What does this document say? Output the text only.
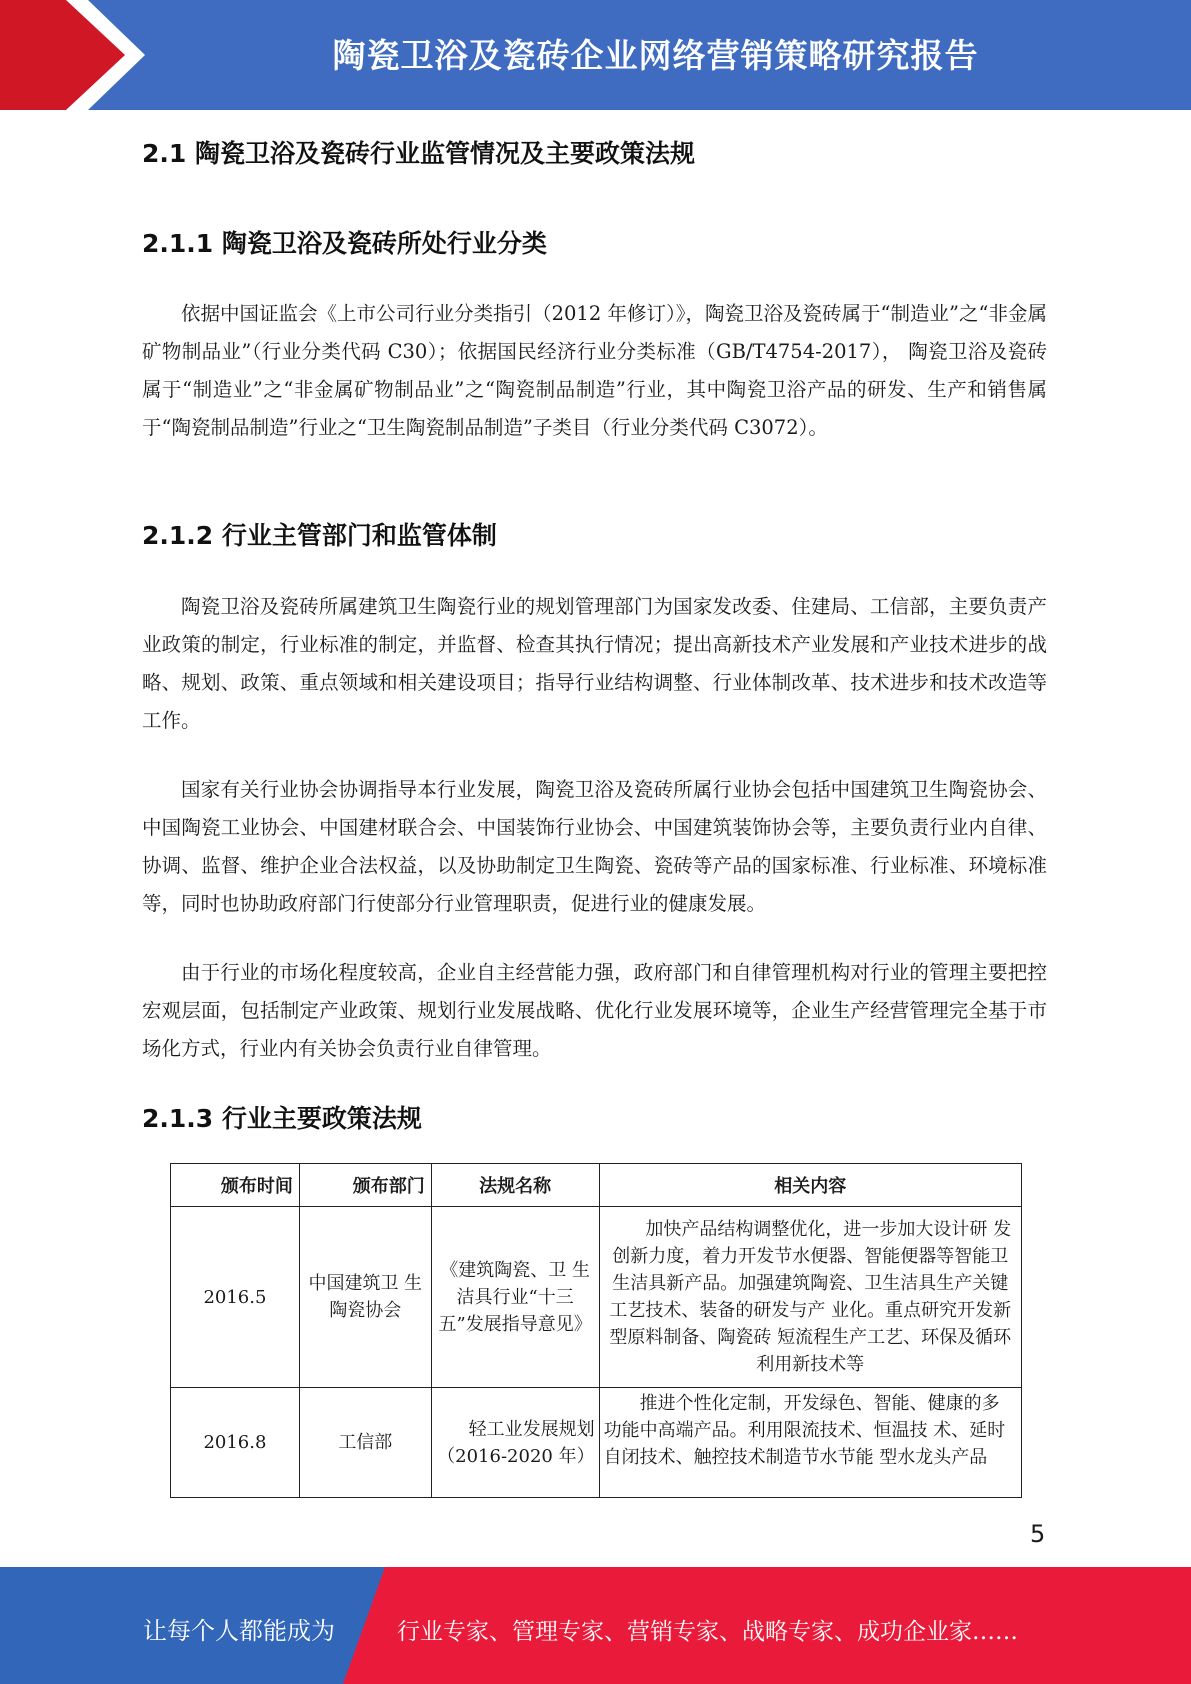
陶瓷卫浴及瓷砖企业网络营销策略研究报告
2.1 陶瓷卫浴及瓷砖行业监管情况及主要政策法规
2.1.1 陶瓷卫浴及瓷砖所处行业分类

依据中国证监会《上市公司行业分类指引（2012 年修订）》，陶瓷卫浴及瓷砖属于“制造业”之“非金属矿物制品业”（行业分类代码 C30）；依据国民经济行业分类标准（GB/T4754-2017）， 陶瓷卫浴及瓷砖属于“制造业”之“非金属矿物制品业”之“陶瓷制品制造”行业，其中陶瓷卫浴产品的研发、生产和销售属于“陶瓷制品制造”行业之“卫生陶瓷制品制造”子类目（行业分类代码 C3072）。

2.1.2 行业主管部门和监管体制

陶瓷卫浴及瓷砖所属建筑卫生陶瓷行业的规划管理部门为国家发改委、住建局、工信部，主要负责产业政策的制定，行业标准的制定，并监督、检查其执行情况；提出高新技术产业发展和产业技术进步的战略、规划、政策、重点领域和相关建设项目；指导行业结构调整、行业体制改革、技术进步和技术改造等工作。

国家有关行业协会协调指导本行业发展，陶瓷卫浴及瓷砖所属行业协会包括中国建筑卫生陶瓷协会、中国陶瓷工业协会、中国建材联合会、中国装饰行业协会、中国建筑装饰协会等，主要负责行业内自律、协调、监督、维护企业合法权益，以及协助制定卫生陶瓷、瓷砖等产品的国家标准、行业标准、环境标准等，同时也协助政府部门行使部分行业管理职责，促进行业的健康发展。

由于行业的市场化程度较高，企业自主经营能力强，政府部门和自律管理机构对行业的管理主要把控宏观层面，包括制定产业政策、规划行业发展战略、优化行业发展环境等，企业生产经营管理完全基于市场化方式，行业内有关协会负责行业自律管理。

2.1.3 行业主要政策法规
颁布时间	颁布部门	法规名称	相关内容
2016.5	中国建筑卫 生陶瓷协会	《建筑陶瓷、卫 生洁具行业“十三五”发展指导意见》	加快产品结构调整优化，进一步加大设计研 发创新力度，着力开发节水便器、智能便器等智能卫生洁具新产品。加强建筑陶瓷、卫生洁具生产关键工艺技术、装备的研发与产 业化。重点研究开发新型原料制备、陶瓷砖 短流程生产工艺、环保及循环利用新技术等
2016.8	工信部	轻工业发展规划（2016-2020 年）	推进个性化定制，开发绿色、智能、健康的多功能中高端产品。利用限流技术、恒温技 术、延时自闭技术、触控技术制造节水节能 型水龙头产品
5
让每个人都能成为	行业专家、管理专家、营销专家、战略专家、成功企业家……
